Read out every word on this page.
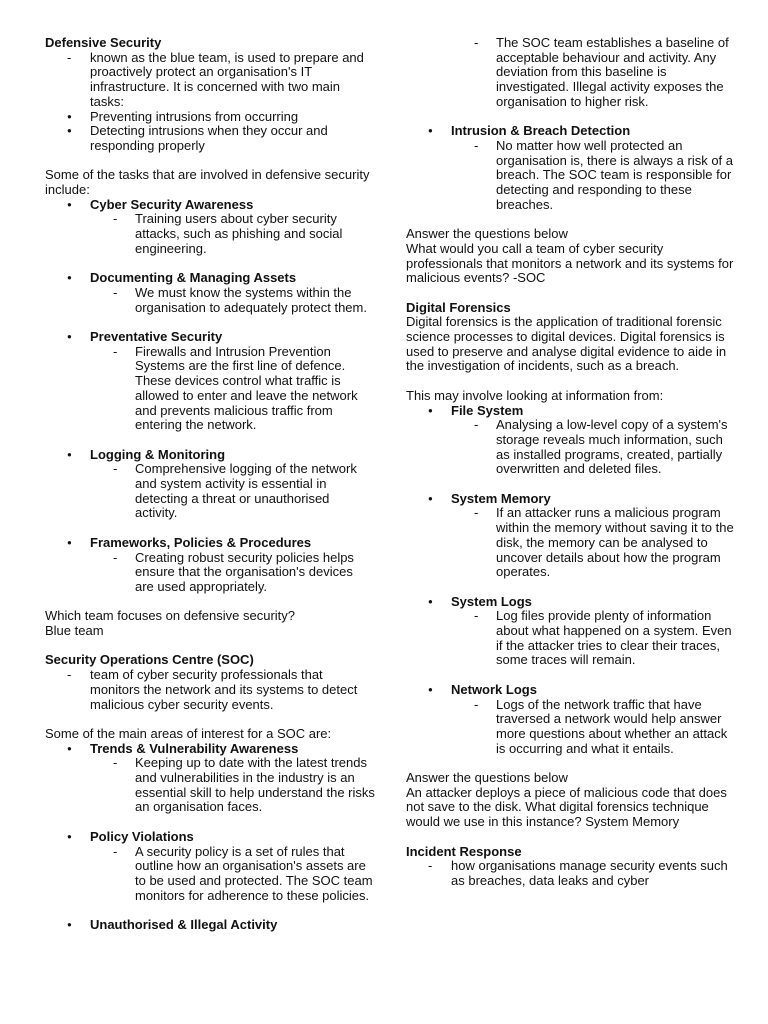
Defensive Security

-
known as the blue team, is used to prepare and proactively protect an organisation's IT infrastructure. It is concerned with two main tasks:
●
Preventing intrusions from occurring
●
Detecting intrusions when they occur and responding properly

Some of the tasks that are involved in defensive security include:

●
Cyber Security Awareness
-
Training users about cyber security attacks, such as phishing and social engineering.
●
Documenting & Managing Assets
-
We must know the systems within the organisation to adequately protect them.
●
Preventative Security
-
Firewalls and Intrusion Prevention Systems are the first line of defence. These devices control what traffic is allowed to enter and leave the network and prevents malicious traffic from entering the network.
●
Logging & Monitoring
-
Comprehensive logging of the network and system activity is essential in detecting a threat or unauthorised activity.
●
Frameworks, Policies & Procedures
-
Creating robust security policies helps ensure that the organisation's devices are used appropriately.

Which team focuses on defensive security?

Blue team

Security Operations Centre (SOC)

-
team of cyber security professionals that monitors the network and its systems to detect malicious cyber security events.

Some of the main areas of interest for a SOC are:

●
Trends & Vulnerability Awareness
-
Keeping up to date with the latest trends and vulnerabilities in the industry is an essential skill to help understand the risks an organisation faces.
●
Policy Violations
-
A security policy is a set of rules that outline how an organisation's assets are to be used and protected. The SOC team monitors for adherence to these policies.
●
Unauthorised & Illegal Activity
-
The SOC team establishes a baseline of acceptable behaviour and activity. Any deviation from this baseline is investigated. Illegal activity exposes the organisation to higher risk.
●
Intrusion & Breach Detection
-
No matter how well protected an organisation is, there is always a risk of a breach. The SOC team is responsible for detecting and responding to these breaches.

Answer the questions below

What would you call a team of cyber security professionals that monitors a network and its systems for malicious events? -SOC

Digital Forensics

Digital forensics is the application of traditional forensic science processes to digital devices. Digital forensics is used to preserve and analyse digital evidence to aide in the investigation of incidents, such as a breach.

This may involve looking at information from:

●
File System
-
Analysing a low-level copy of a system's storage reveals much information, such as installed programs, created, partially overwritten and deleted files.
●
System Memory
-
If an attacker runs a malicious program within the memory without saving it to the disk, the memory can be analysed to uncover details about how the program operates.
●
System Logs
-
Log files provide plenty of information about what happened on a system. Even if the attacker tries to clear their traces, some traces will remain.
●
Network Logs
-
Logs of the network traffic that have traversed a network would help answer more questions about whether an attack is occurring and what it entails.

Answer the questions below

An attacker deploys a piece of malicious code that does not save to the disk. What digital forensics technique would we use in this instance? System Memory

Incident Response

-
how organisations manage security events such as breaches, data leaks and cyber
